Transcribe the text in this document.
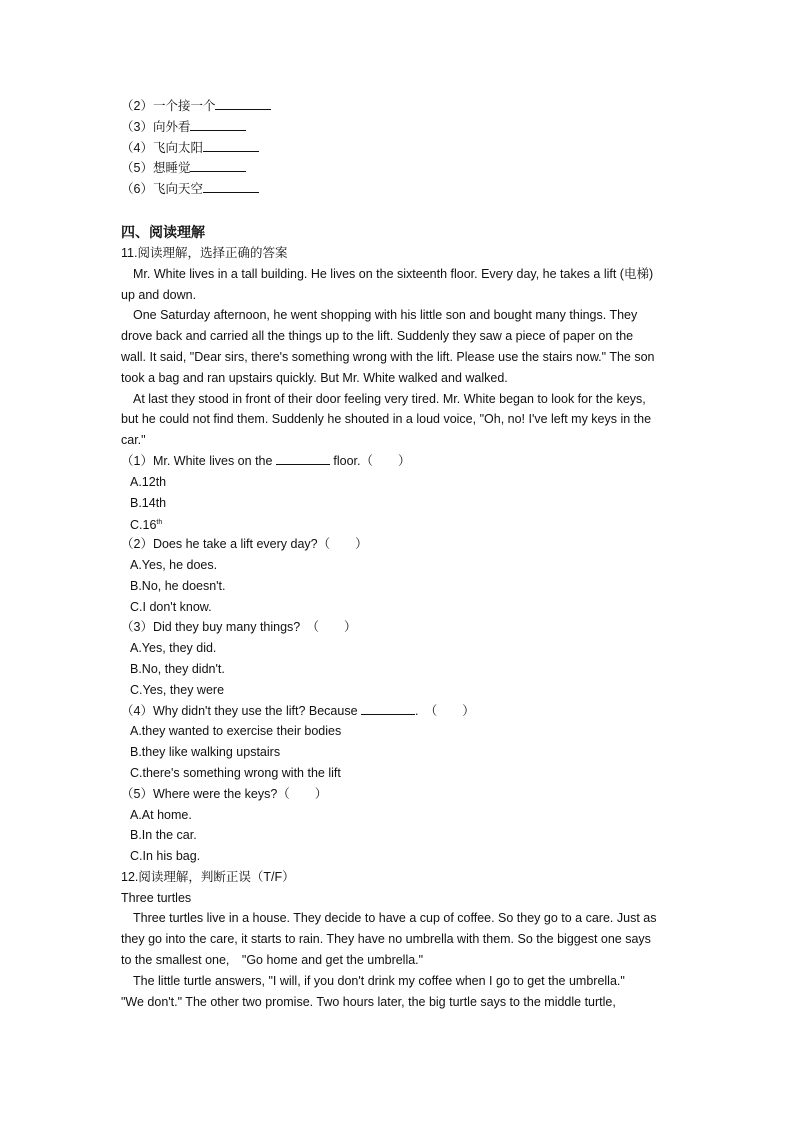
（2）一个接一个
（3）向外看
（4）飞向太阳
（5）想睡觉
（6）飞向天空
四、阅读理解
11.阅读理解，选择正确的答案
Mr. White lives in a tall building. He lives on the sixteenth floor. Every day, he takes a lift (电梯)
up and down.
One Saturday afternoon, he went shopping with his little son and bought many things. They
drove back and carried all the things up to the lift. Suddenly they saw a piece of paper on the
wall. It said, "Dear sirs, there's something wrong with the lift. Please use the stairs now." The son
took a bag and ran upstairs quickly. But Mr. White walked and walked.
At last they stood in front of their door feeling very tired. Mr. White began to look for the keys,
but he could not find them. Suddenly he shouted in a loud voice, "Oh, no! I've left my keys in the
car."
（1）Mr. White lives on the	floor.（　　）
A.12th
B.14th
C.16th
（2）Does he take a lift every day?（　　）
A.Yes, he does.
B.No, he doesn't.
C.I don't know.
（3）Did they buy many things?　（　　）
A.Yes, they did.
B.No, they didn't.
C.Yes, they were
（4）Why didn't they use the lift? Because	.　（　　）
A.they wanted to exercise their bodies
B.they like walking upstairs
C.there's something wrong with the lift
（5）Where were the keys?（　　）
A.At home.
B.In the car.
C.In his bag.
12.阅读理解，判断正误（T/F）
Three turtles
Three turtles live in a house. They decide to have a cup of coffee. So they go to a care. Just as
they go into the care, it starts to rain. They have no umbrella with them. So the biggest one says
to the smallest one,　"Go home and get the umbrella."
The little turtle answers, "I will, if you don't drink my coffee when I go to get the umbrella."
"We don't." The other two promise. Two hours later, the big turtle says to the middle turtle,
